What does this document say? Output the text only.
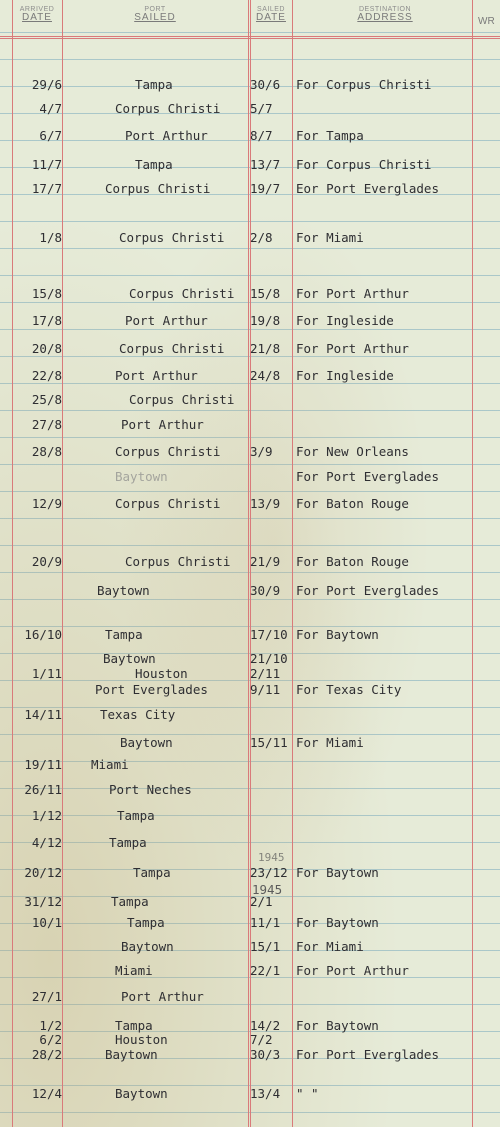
ARRIVED
DATE
PORT
SAILED
SAILED
DATE
DESTINATION
ADDRESS	WR
29/6	Tampa	30/6	For Corpus Christi
4/7	Corpus Christi 5/7
6/7	Port Arthur	8/7	For Tampa
11/7	Tampa	13/7	For Corpus Christi
17/7	Corpus Christi	19/7	Eor Port Everglades
1/8	Corpus Christi 2/8	For Miami
15/8	Corpus Christi 15/8	For Port Arthur
17/8	Port Arthur	19/8	For Ingleside
20/8	Corpus Christi 21/8	For Port Arthur
22/8	Port Arthur	24/8	For Ingleside
25/8	Corpus Christi
27/8	Port Arthur
28/8	Corpus Christi 3/9	For New Orleans
Baytown	For Port Everglades
12/9	Corpus Christi 13/9	For Baton Rouge
20/9	Corpus Christi 21/9	For Baton Rouge
Baytown	30/9	For Port Everglades
16/10	Tampa	17/10 For Baytown
Baytown	21/10
1/11	Houston	2/11
Port Everglades	9/11	For Texas City
14/11	Texas City
Baytown	15/11 For Miami
19/11 Miami
26/11	Port Neches
1/12	Tampa
4/12	Tampa
20/12	Tampa	23/12 For Baytown
31/12	Tampa	2/1
10/1	Tampa	11/1	For Baytown
Baytown	15/1	For Miami
Miami	22/1	For Port Arthur
27/1	Port Arthur
1/2	Tampa	14/2	For Baytown
6/2	Houston	7/2
28/2	Baytown	30/3	For Port Everglades
12/4	Baytown	13/4	" "
1945
1945
